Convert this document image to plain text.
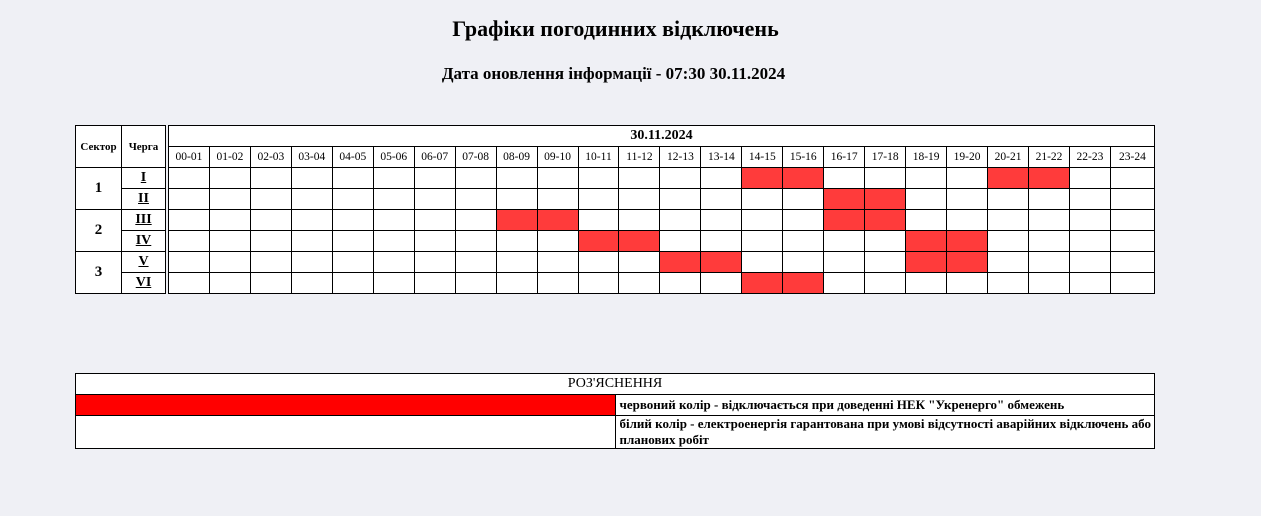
Графіки погодинних відключень
Дата оновлення інформації - 07:30 30.11.2024
Сектор	Черга
1	I
	II
2	III
	IV
3	V
	VI
30.11.2024																							
00-01	01-02	02-03	03-04	04-05	05-06	06-07	07-08	08-09	09-10	10-11	11-12	12-13	13-14	14-15	15-16	16-17	17-18	18-19	19-20	20-21	21-22	22-23	23-24

РОЗ'ЯСНЕННЯ	
	червоний колір - відключається при доведенні НЕК "Укренерго" обмежень
	білий колір - електроенергія гарантована при умові відсутності аварійних відключень або планових робіт
